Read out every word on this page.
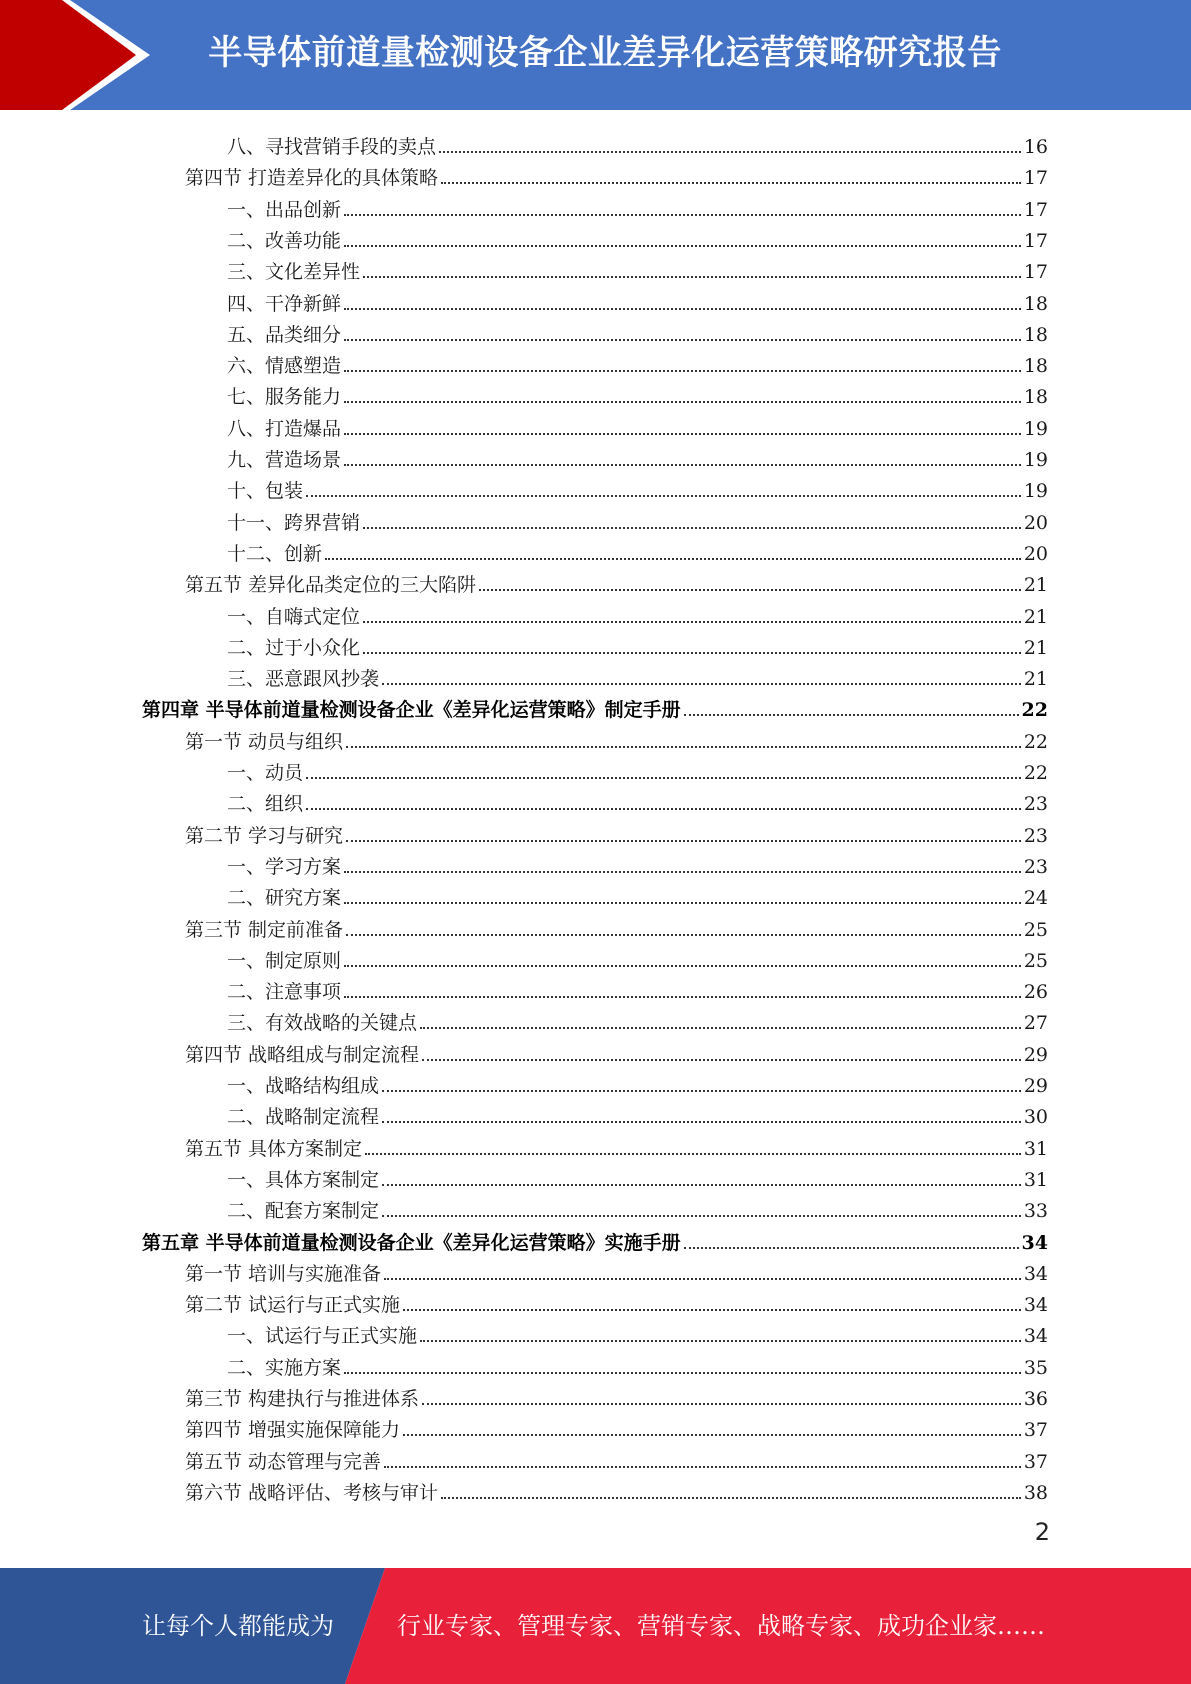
半导体前道量检测设备企业差异化运营策略研究报告
八、寻找营销手段的卖点	16
第四节 打造差异化的具体策略	17
一、出品创新	17
二、改善功能	17
三、文化差异性	17
四、干净新鲜	18
五、品类细分	18
六、情感塑造	18
七、服务能力	18
八、打造爆品	19
九、营造场景	19
十、包装	19
十一、跨界营销	20
十二、创新	20
第五节 差异化品类定位的三大陷阱	21
一、自嗨式定位	21
二、过于小众化	21
三、恶意跟风抄袭	21
第四章 半导体前道量检测设备企业《差异化运营策略》制定手册	22
第一节 动员与组织	22
一、动员	22
二、组织	23
第二节 学习与研究	23
一、学习方案	23
二、研究方案	24
第三节 制定前准备	25
一、制定原则	25
二、注意事项	26
三、有效战略的关键点	27
第四节 战略组成与制定流程	29
一、战略结构组成	29
二、战略制定流程	30
第五节 具体方案制定	31
一、具体方案制定	31
二、配套方案制定	33
第五章 半导体前道量检测设备企业《差异化运营策略》实施手册	34
第一节 培训与实施准备	34
第二节 试运行与正式实施	34
一、试运行与正式实施	34
二、实施方案	35
第三节 构建执行与推进体系	36
第四节 增强实施保障能力	37
第五节 动态管理与完善	37
第六节 战略评估、考核与审计	38
2
让每个人都能成为	行业专家、管理专家、营销专家、战略专家、成功企业家……
